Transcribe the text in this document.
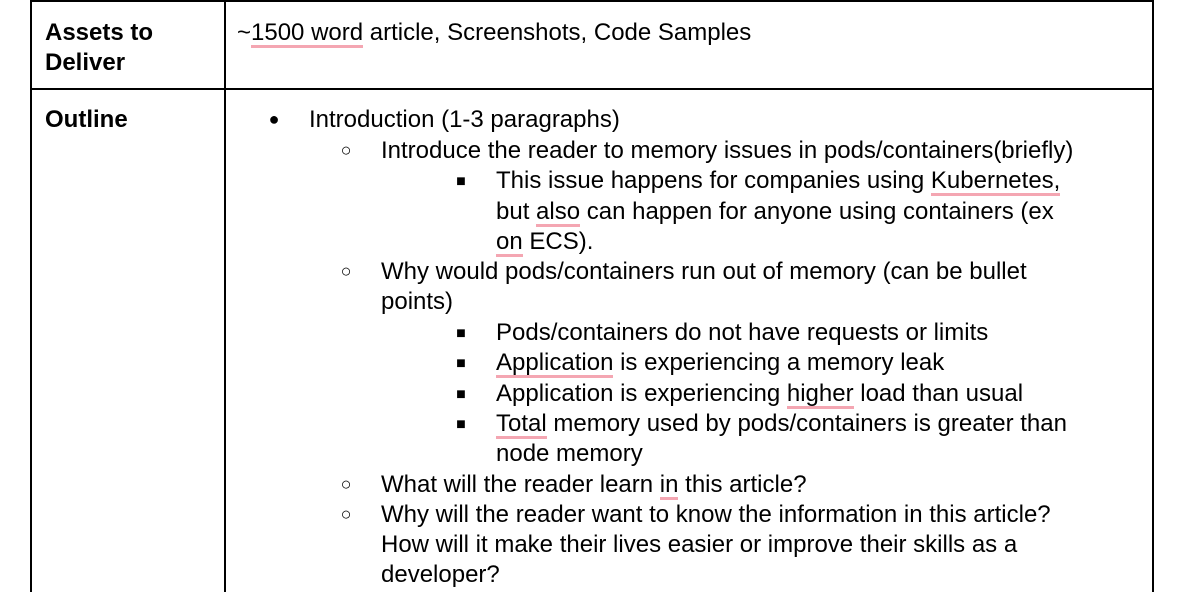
Assets to
Deliver
~1500 word article, Screenshots, Code Samples
Outline
●	Introduction (1-3 paragraphs)
○
Introduce the reader to memory issues in pods/containers(briefly)
■
This issue happens for companies using Kubernetes,
but also can happen for anyone using containers (ex
on ECS).
○
Why would pods/containers run out of memory (can be bullet
points)
■
Pods/containers do not have requests or limits
■
Application is experiencing a memory leak
■
Application is experiencing higher load than usual
■
Total memory used by pods/containers is greater than
node memory
○
What will the reader learn in this article?
○
Why will the reader want to know the information in this article?
How will it make their lives easier or improve their skills as a
developer?
